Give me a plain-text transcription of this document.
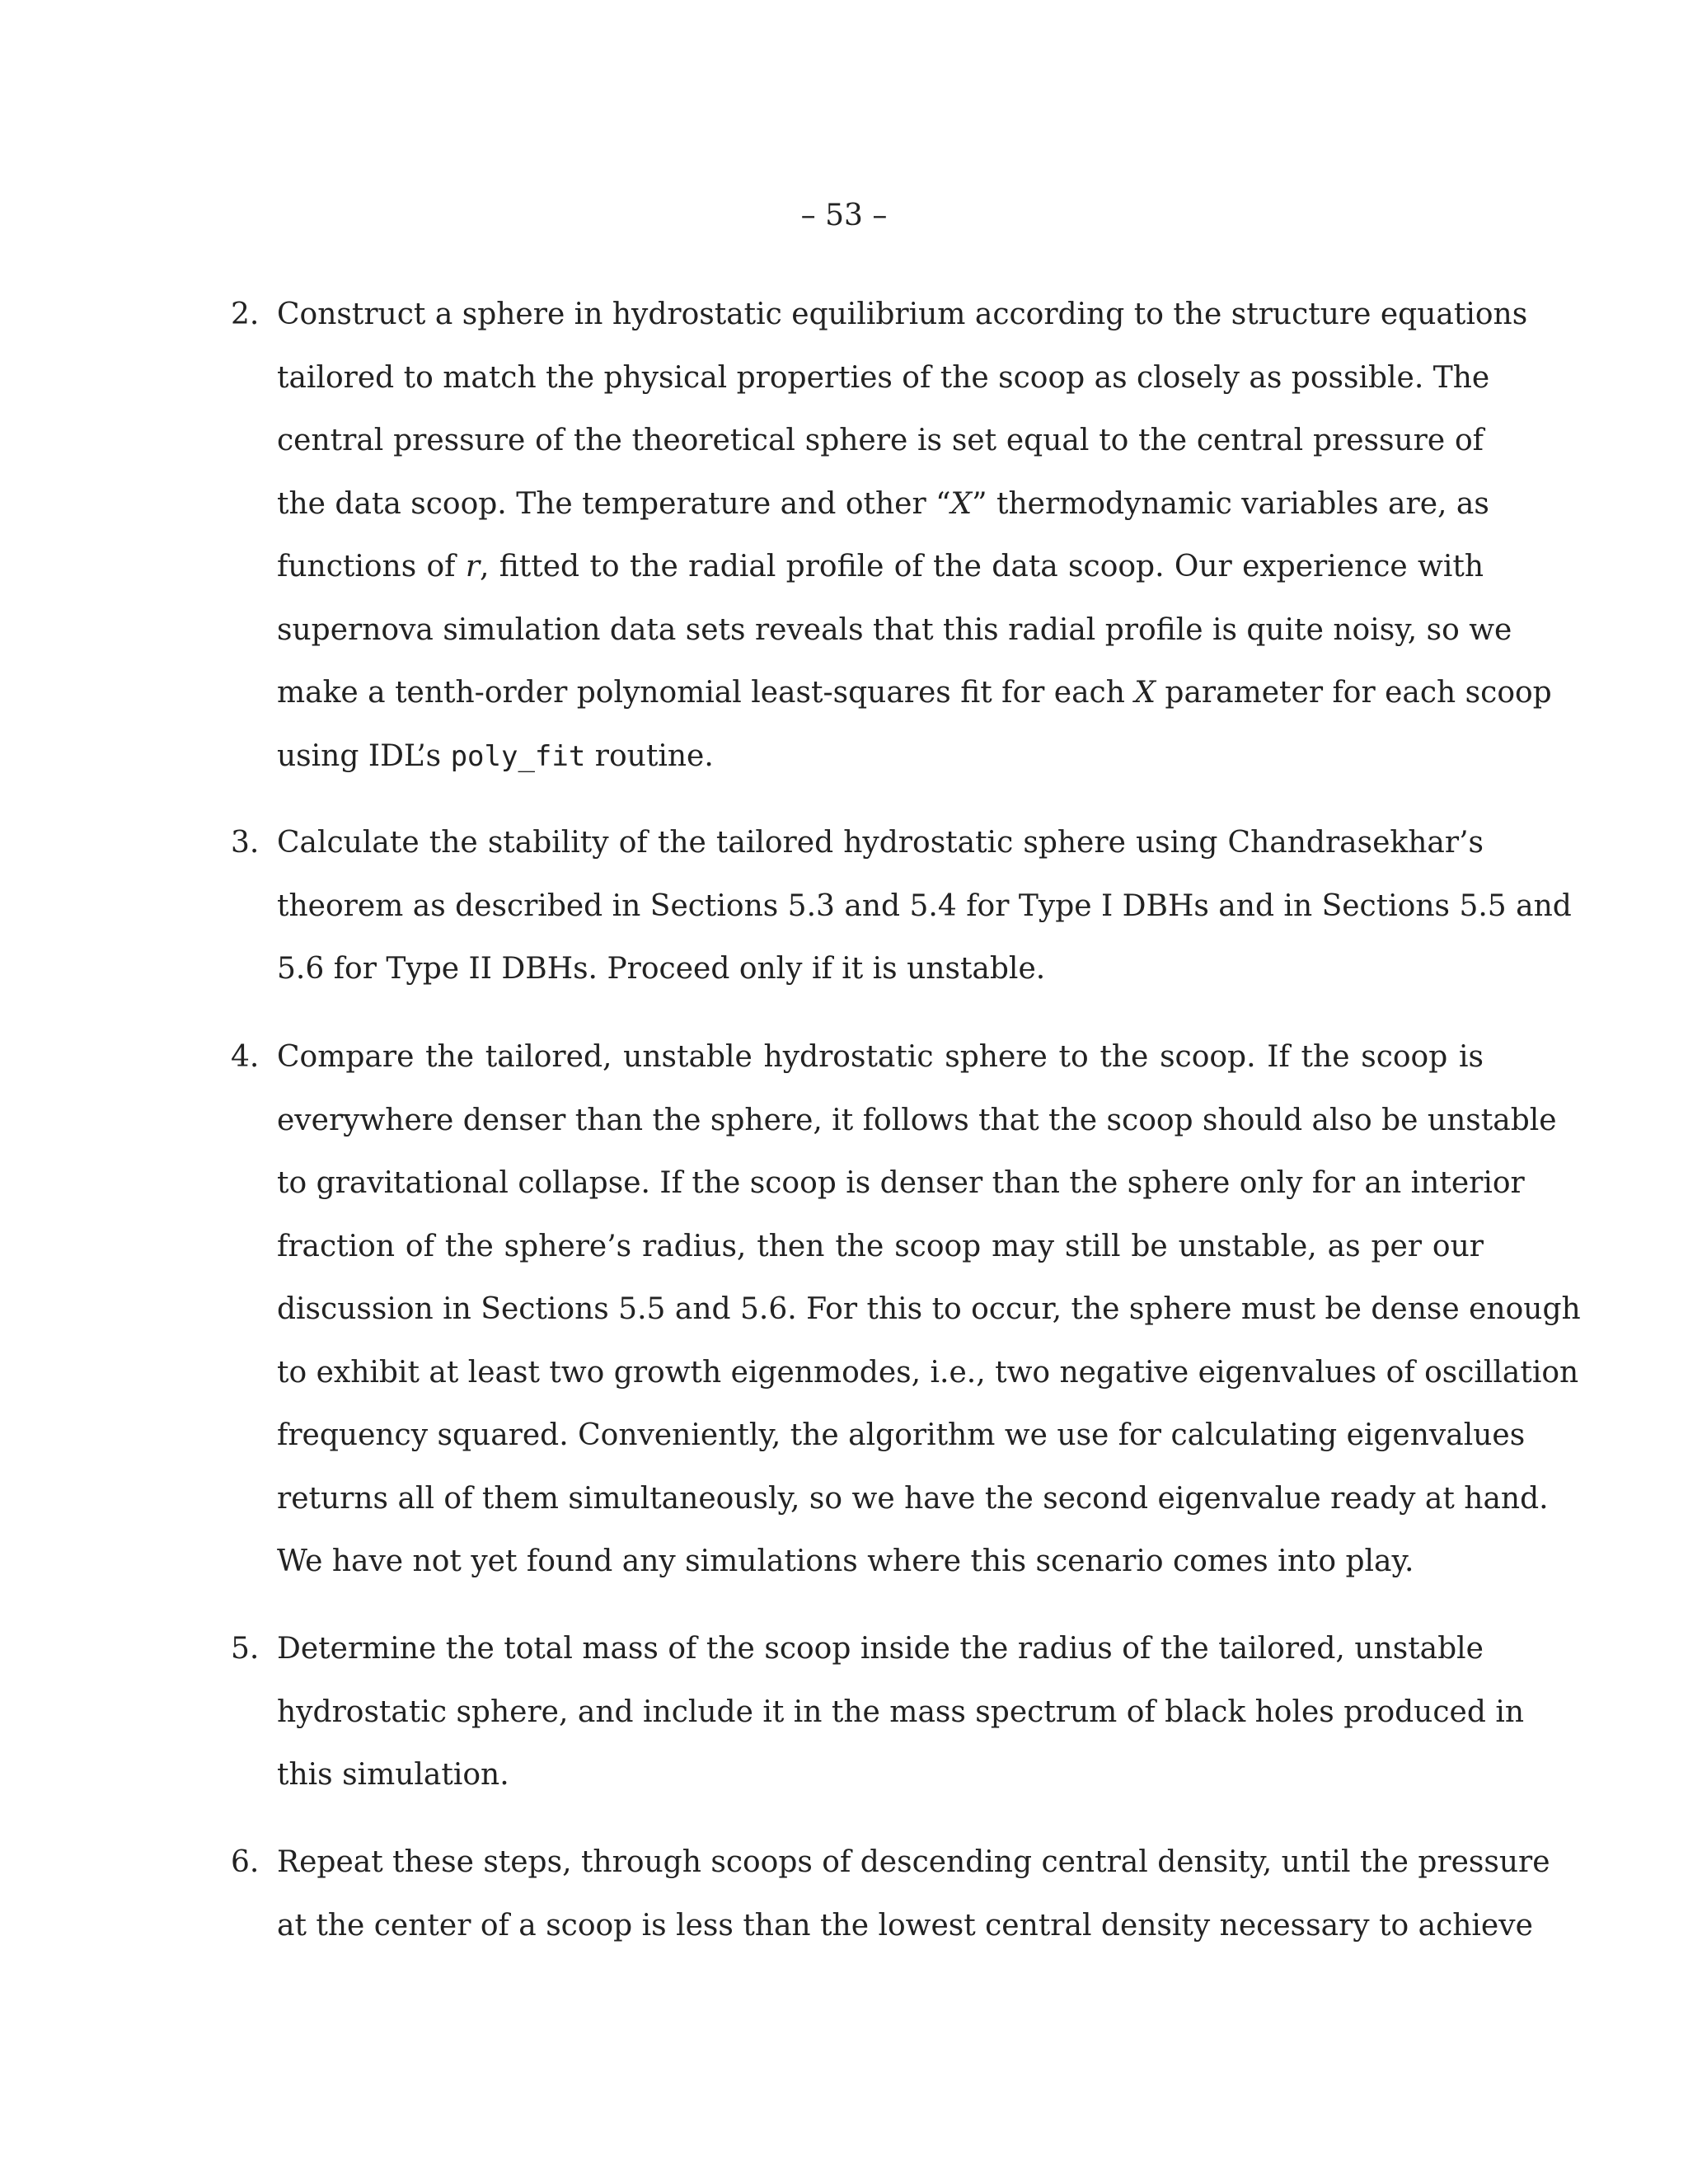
– 53 –
2. Construct a sphere in hydrostatic equilibrium according to the structure equations
tailored to match the physical properties of the scoop as closely as possible. The
central pressure of the theoretical sphere is set equal to the central pressure of
the data scoop. The temperature and other “X” thermodynamic variables are, as
functions of r, fitted to the radial profile of the data scoop. Our experience with
supernova simulation data sets reveals that this radial profile is quite noisy, so we
make a tenth-order polynomial least-squares fit for each X parameter for each scoop
using IDL’s poly_fit routine.
3. Calculate the stability of the tailored hydrostatic sphere using Chandrasekhar’s
theorem as described in Sections 5.3 and 5.4 for Type I DBHs and in Sections 5.5 and
5.6 for Type II DBHs. Proceed only if it is unstable.
4. Compare the tailored, unstable hydrostatic sphere to the scoop. If the scoop is
everywhere denser than the sphere, it follows that the scoop should also be unstable
to gravitational collapse. If the scoop is denser than the sphere only for an interior
fraction of the sphere’s radius, then the scoop may still be unstable, as per our
discussion in Sections 5.5 and 5.6. For this to occur, the sphere must be dense enough
to exhibit at least two growth eigenmodes, i.e., two negative eigenvalues of oscillation
frequency squared. Conveniently, the algorithm we use for calculating eigenvalues
returns all of them simultaneously, so we have the second eigenvalue ready at hand.
We have not yet found any simulations where this scenario comes into play.
5. Determine the total mass of the scoop inside the radius of the tailored, unstable
hydrostatic sphere, and include it in the mass spectrum of black holes produced in
this simulation.
6. Repeat these steps, through scoops of descending central density, until the pressure
at the center of a scoop is less than the lowest central density necessary to achieve
